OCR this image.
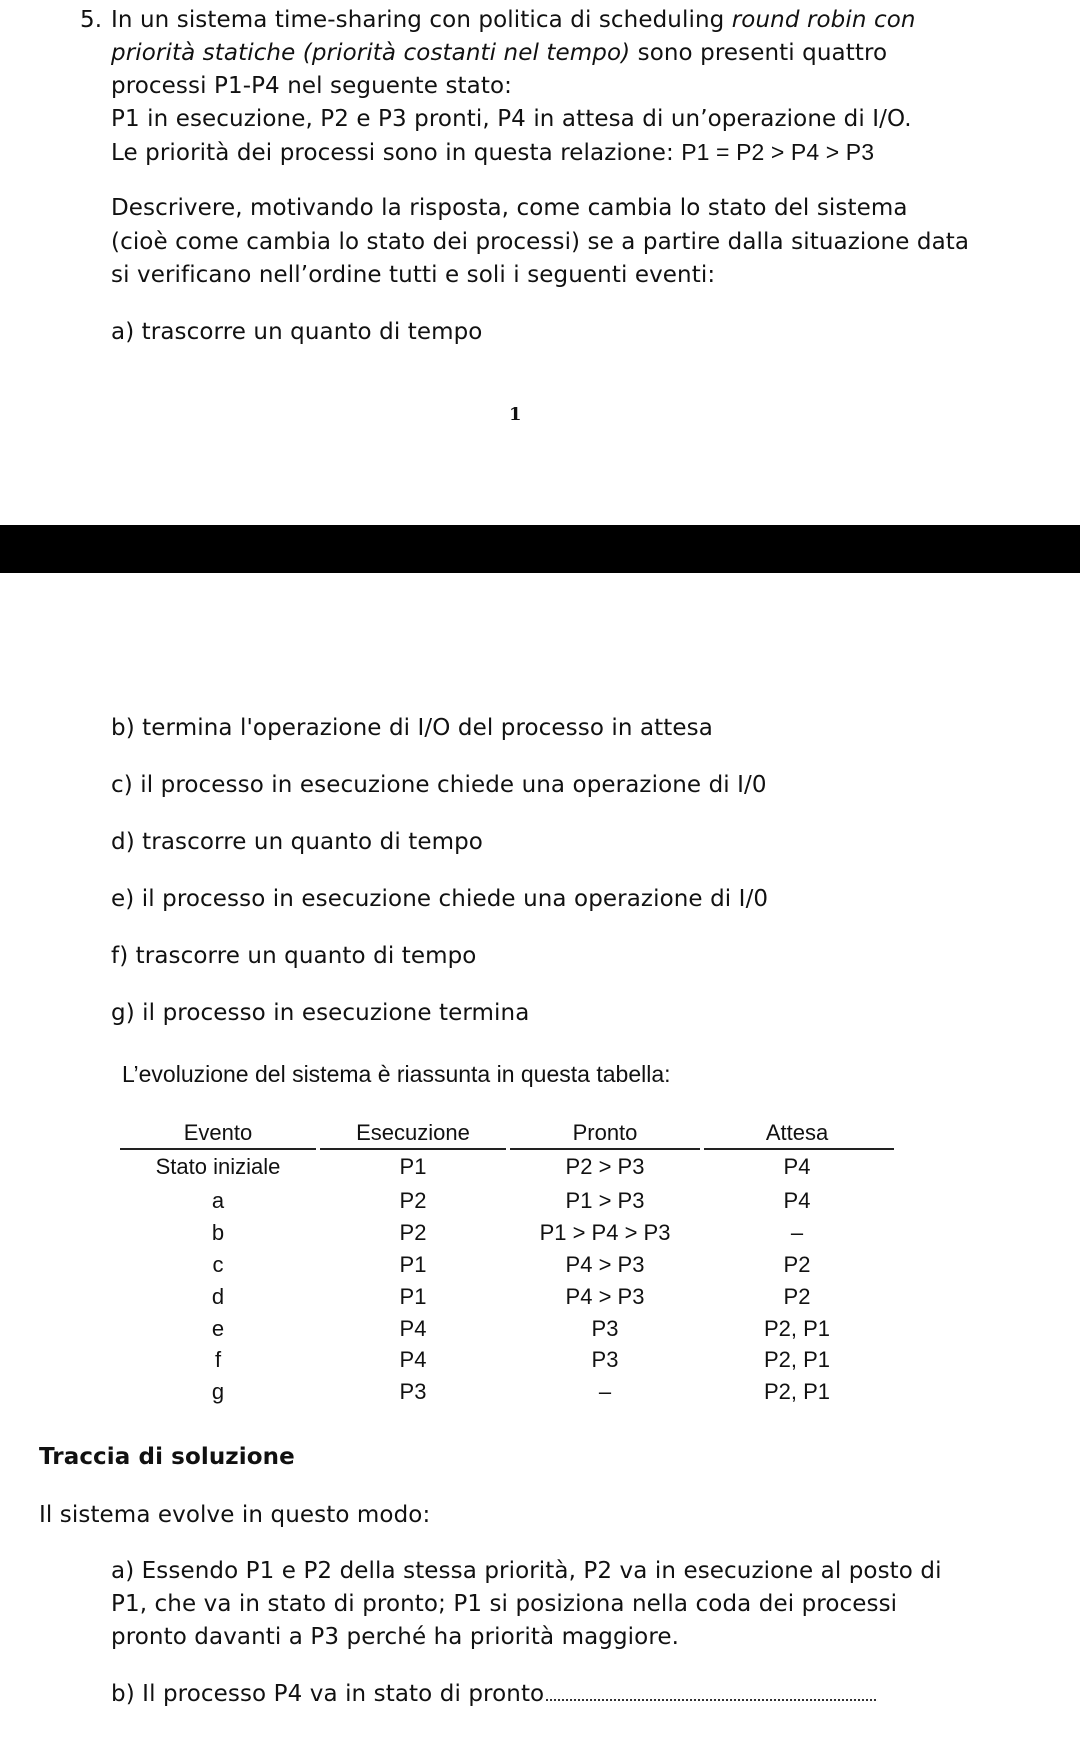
5. In un sistema time-sharing con politica di scheduling round robin con
priorità statiche (priorità costanti nel tempo) sono presenti quattro
processi P1-P4 nel seguente stato:
P1 in esecuzione, P2 e P3 pronti, P4 in attesa di un’operazione di I/O.
Le priorità dei processi sono in questa relazione: P1 = P2 > P4 > P3
Descrivere, motivando la risposta, come cambia lo stato del sistema
(cioè come cambia lo stato dei processi) se a partire dalla situazione data
si verificano nell’ordine tutti e soli i seguenti eventi:
a) trascorre un quanto di tempo
1
b) termina l'operazione di I/O del processo in attesa
c) il processo in esecuzione chiede una operazione di I/0
d) trascorre un quanto di tempo
e) il processo in esecuzione chiede una operazione di I/0
f) trascorre un quanto di tempo
g) il processo in esecuzione termina
L’evoluzione del sistema è riassunta in questa tabella:
Evento	Esecuzione	Pronto	Attesa
Stato iniziale	P1	P2 > P3	P4
a	P2	P1 > P3	P4
b	P2	P1 > P4 > P3	–
c	P1	P4 > P3	P2
d	P1	P4 > P3	P2
e	P4	P3	P2, P1
f	P4	P3	P2, P1
g	P3	–	P2, P1
Traccia di soluzione
Il sistema evolve in questo modo:
a) Essendo P1 e P2 della stessa priorità, P2 va in esecuzione al posto di
P1, che va in stato di pronto; P1 si posiziona nella coda dei processi
pronto davanti a P3 perché ha priorità maggiore.
b) Il processo P4 va in stato di pronto
